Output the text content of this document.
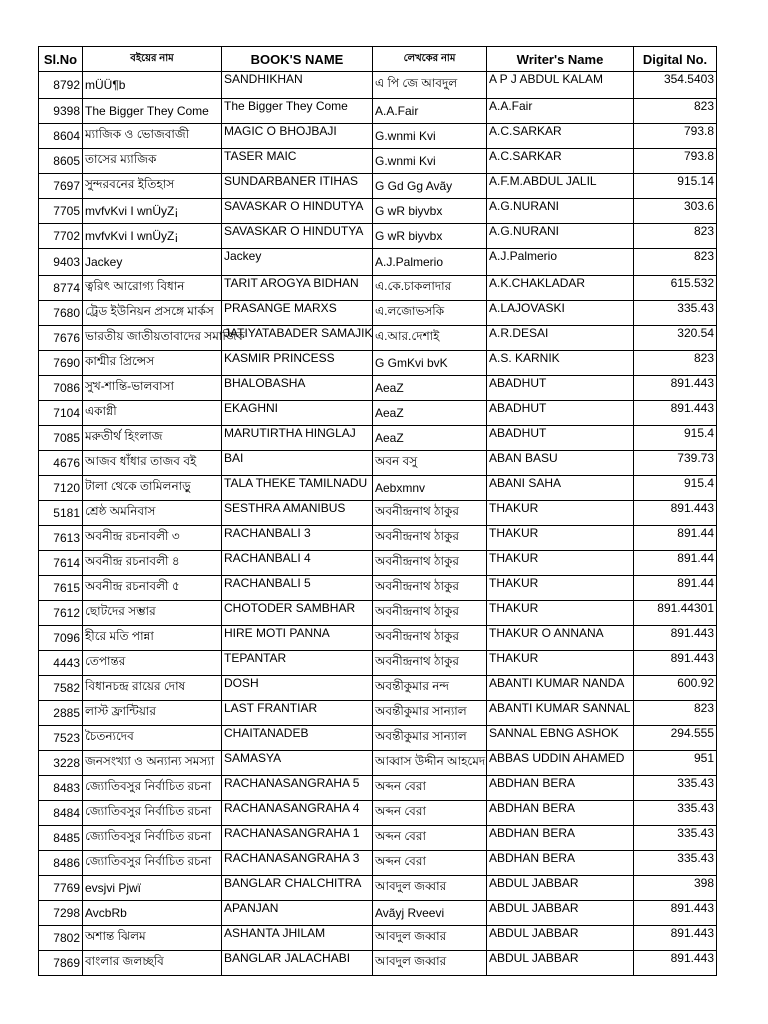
Sl.No	বইয়ের নাম	BOOK'S NAME	লেখকের নাম	Writer's Name	Digital No.
8792	mÜÜ¶b	SANDHIKHAN	এ পি জে আবদুল	A P J ABDUL KALAM	354.5403
9398	The Bigger They Come	The Bigger They Come	A.A.Fair	A.A.Fair	823
8604	ম্যাজিক ও ভোজবাজী	MAGIC O BHOJBAJI	G.wnmi Kvi	A.C.SARKAR	793.8
8605	তাসের ম্যাজিক	TASER MAIC	G.wnmi Kvi	A.C.SARKAR	793.8
7697	সুন্দরবনের ইতিহাস	SUNDARBANER ITIHAS	G Gd Gg Avãy	A.F.M.ABDUL JALIL	915.14
7705	mvfvKvi I wnÜyZ¡	SAVASKAR O HINDUTYA	G wR biyvbx	A.G.NURANI	303.6
7702	mvfvKvi I wnÜyZ¡	SAVASKAR O HINDUTYA	G wR biyvbx	A.G.NURANI	823
9403	Jackey	Jackey	A.J.Palmerio	A.J.Palmerio	823
8774	ত্বরিৎ আরোগ্য বিধান	TARIT AROGYA BIDHAN	এ.কে.চাকলাদার	A.K.CHAKLADAR	615.532
7680	ট্রেড ইউনিয়ন প্রসঙ্গে মার্কস	PRASANGE MARXS	এ.লজোভসকি	A.LAJOVASKI	335.43
7676	ভারতীয় জাতীয়তাবাদের সমাজিক	JATIYATABADER SAMAJIK	এ.আর.দেশাই	A.R.DESAI	320.54
7690	কাশ্মীর প্রিন্সেস	KASMIR PRINCESS	G GmKvi bvK	A.S. KARNIK	823
7086	সুখ-শান্তি-ভালবাসা	BHALOBASHA	AeaZ	ABADHUT	891.443
7104	একাগ্নী	EKAGHNI	AeaZ	ABADHUT	891.443
7085	মরুতীর্থ হিংলাজ	MARUTIRTHA HINGLAJ	AeaZ	ABADHUT	915.4
4676	আজব ধাঁধার তাজব বই	BAI	অবন বসু	ABAN BASU	739.73
7120	টালা থেকে তামিলনাড়ু	TALA THEKE TAMILNADU	Aebxmnv	ABANI SAHA	915.4
5181	শ্রেষ্ঠ অমনিবাস	SESTHRA AMANIBUS	অবনীন্দ্রনাথ ঠাকুর	THAKUR	891.443
7613	অবনীন্দ্র রচনাবলী ৩	RACHANBALI 3	অবনীন্দ্রনাথ ঠাকুর	THAKUR	891.44
7614	অবনীন্দ্র রচনাবলী ৪	RACHANBALI 4	অবনীন্দ্রনাথ ঠাকুর	THAKUR	891.44
7615	অবনীন্দ্র রচনাবলী ৫	RACHANBALI 5	অবনীন্দ্রনাথ ঠাকুর	THAKUR	891.44
7612	ছোটদের সম্ভার	CHOTODER SAMBHAR	অবনীন্দ্রনাথ ঠাকুর	THAKUR	891.44301
7096	হীরে মতি পান্না	HIRE MOTI PANNA	অবনীন্দ্রনাথ ঠাকুর	THAKUR O ANNANA	891.443
4443	তেপান্তর	TEPANTAR	অবনীন্দ্রনাথ ঠাকুর	THAKUR	891.443
7582	বিধানচন্দ্র রায়ের দোষ	DOSH	অবন্তীকুমার নন্দ	ABANTI KUMAR NANDA	600.92
2885	লাস্ট ফ্রান্টিয়ার	LAST FRANTIAR	অবন্তীকুমার সান্যাল	ABANTI KUMAR SANNAL	823
7523	চৈতন্যদেব	CHAITANADEB	অবন্তীকুমার সান্যাল	SANNAL EBNG ASHOK	294.555
3228	জনসংখ্যা ও অন্যান্য সমস্যা	SAMASYA	আব্বাস উদ্দীন আহমেদ	ABBAS UDDIN AHAMED	951
8483	জ্যোতিবসুর নির্বাচিত রচনা	RACHANASANGRAHA 5	অব্দন বেরা	ABDHAN BERA	335.43
8484	জ্যোতিবসুর নির্বাচিত রচনা	RACHANASANGRAHA 4	অব্দন বেরা	ABDHAN BERA	335.43
8485	জ্যোতিবসুর নির্বাচিত রচনা	RACHANASANGRAHA 1	অব্দন বেরা	ABDHAN BERA	335.43
8486	জ্যোতিবসুর নির্বাচিত রচনা	RACHANASANGRAHA 3	অব্দন বেরা	ABDHAN BERA	335.43
7769	evsjvi Pjwï	BANGLAR CHALCHITRA	আবদুল জব্বার	ABDUL JABBAR	398
7298	AvcbRb	APANJAN	Avãyj Rveevi	ABDUL JABBAR	891.443
7802	অশান্ত ঝিলম	ASHANTA JHILAM	আবদুল জব্বার	ABDUL JABBAR	891.443
7869	বাংলার জলচ্ছবি	BANGLAR JALACHABI	আবদুল জব্বার	ABDUL JABBAR	891.443
